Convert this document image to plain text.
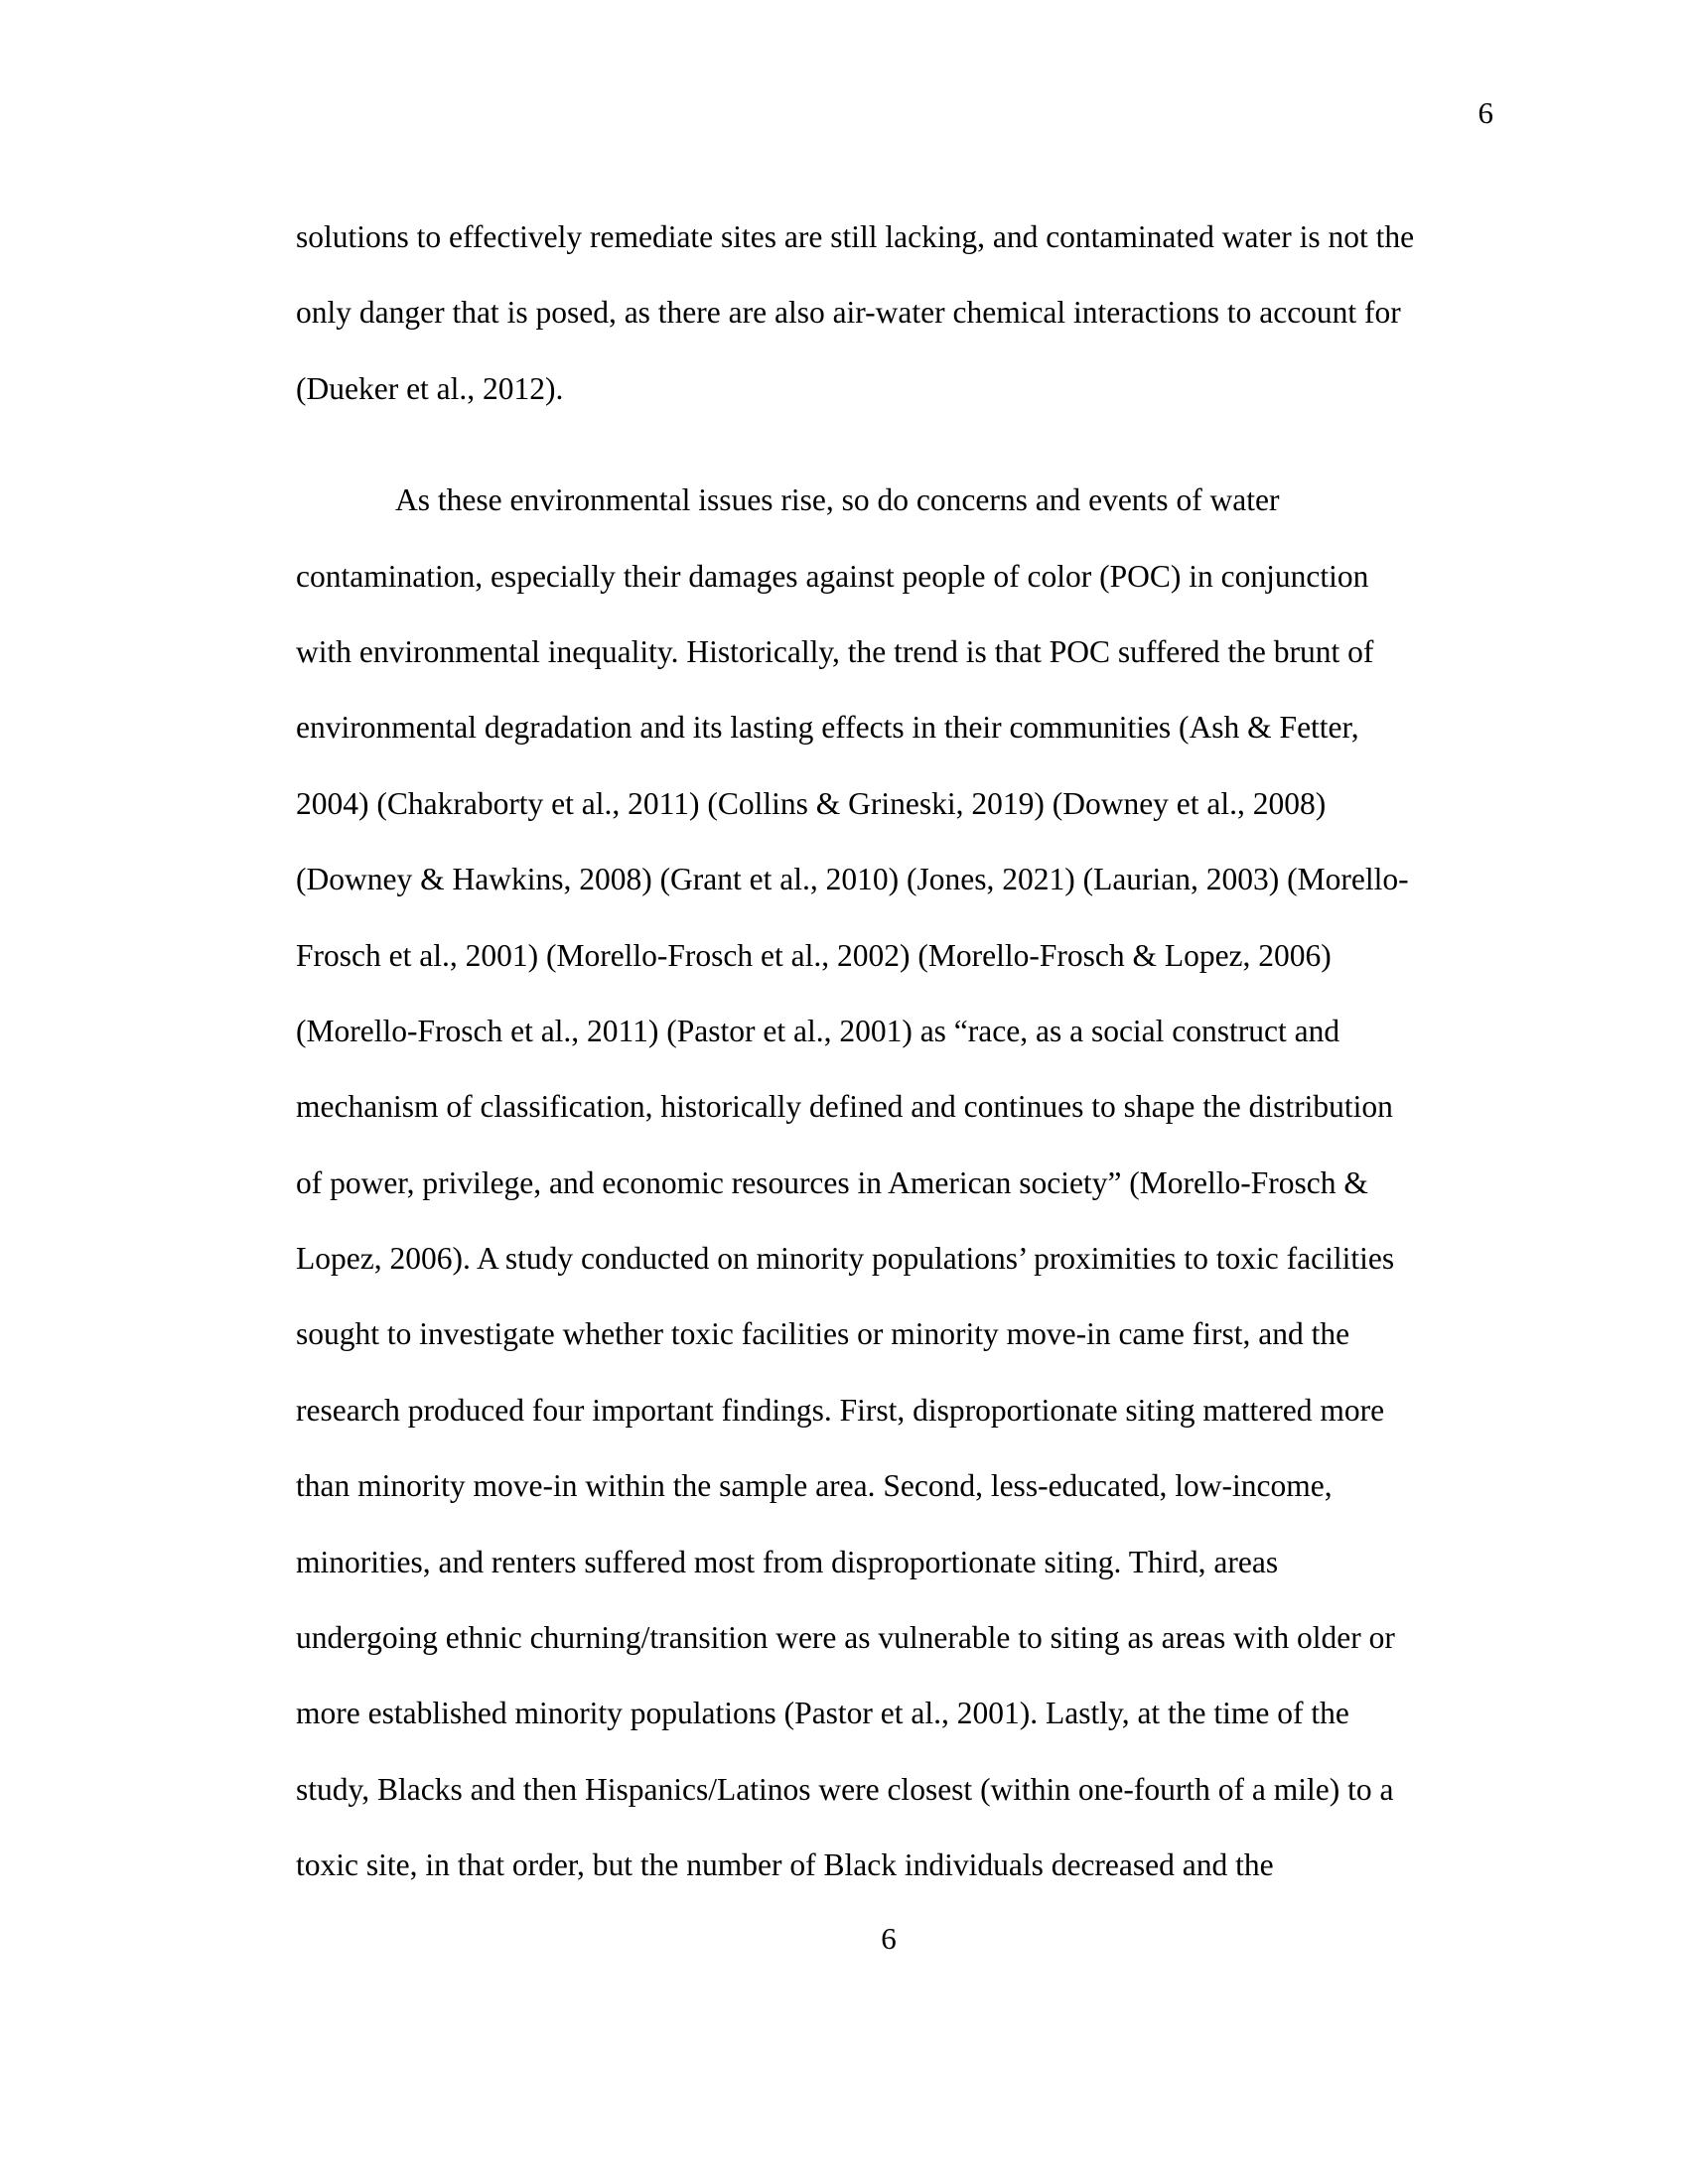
6
solutions to effectively remediate sites are still lacking, and contaminated water is not the
only danger that is posed, as there are also air-water chemical interactions to account for
(Dueker et al., 2012).
As these environmental issues rise, so do concerns and events of water
contamination, especially their damages against people of color (POC) in conjunction
with environmental inequality. Historically, the trend is that POC suffered the brunt of
environmental degradation and its lasting effects in their communities (Ash & Fetter,
2004) (Chakraborty et al., 2011) (Collins & Grineski, 2019) (Downey et al., 2008)
(Downey & Hawkins, 2008) (Grant et al., 2010) (Jones, 2021) (Laurian, 2003) (Morello-
Frosch et al., 2001) (Morello-Frosch et al., 2002) (Morello-Frosch & Lopez, 2006)
(Morello-Frosch et al., 2011) (Pastor et al., 2001) as “race, as a social construct and
mechanism of classification, historically defined and continues to shape the distribution
of power, privilege, and economic resources in American society” (Morello-Frosch &
Lopez, 2006). A study conducted on minority populations’ proximities to toxic facilities
sought to investigate whether toxic facilities or minority move-in came first, and the
research produced four important findings. First, disproportionate siting mattered more
than minority move-in within the sample area. Second, less-educated, low-income,
minorities, and renters suffered most from disproportionate siting. Third, areas
undergoing ethnic churning/transition were as vulnerable to siting as areas with older or
more established minority populations (Pastor et al., 2001). Lastly, at the time of the
study, Blacks and then Hispanics/Latinos were closest (within one-fourth of a mile) to a
toxic site, in that order, but the number of Black individuals decreased and the
6
